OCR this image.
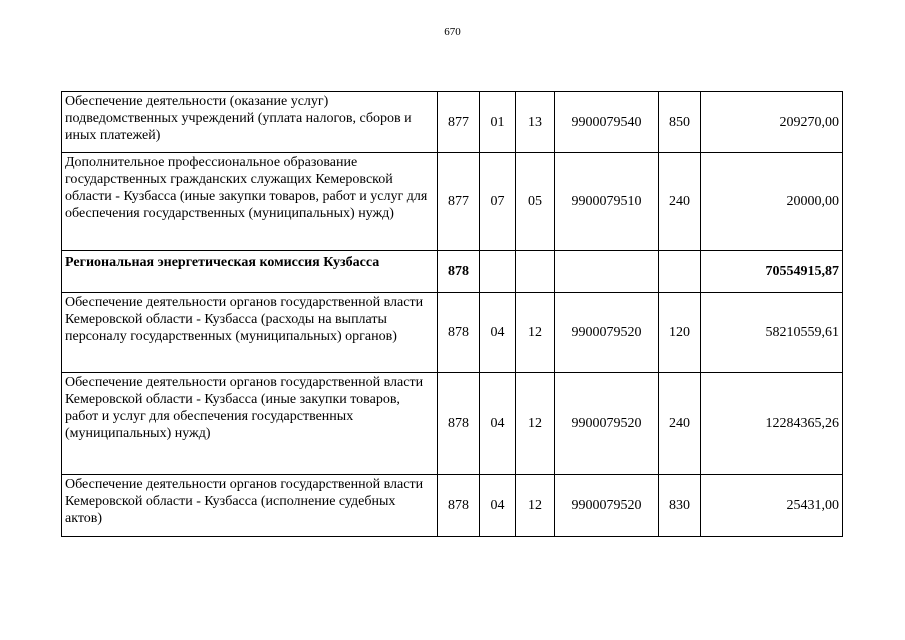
670
Обеспечение деятельности (оказание услуг) подведомственных учреждений (уплата налогов, сборов и иных платежей)	877	01	13	9900079540	850	209270,00
Дополнительное профессиональное образование государственных гражданских служащих Кемеровской области - Кузбасса (иные закупки товаров, работ и услуг для обеспечения государственных (муниципальных) нужд)	877	07	05	9900079510	240	20000,00
Региональная энергетическая комиссия Кузбасса	878					70554915,87
Обеспечение деятельности органов государственной власти Кемеровской области - Кузбасса (расходы на выплаты персоналу государственных (муниципальных) органов)	878	04	12	9900079520	120	58210559,61
Обеспечение деятельности органов государственной власти Кемеровской области - Кузбасса (иные закупки товаров, работ и услуг для обеспечения государственных (муниципальных) нужд)	878	04	12	9900079520	240	12284365,26
Обеспечение деятельности органов государственной власти Кемеровской области - Кузбасса (исполнение судебных актов)	878	04	12	9900079520	830	25431,00
